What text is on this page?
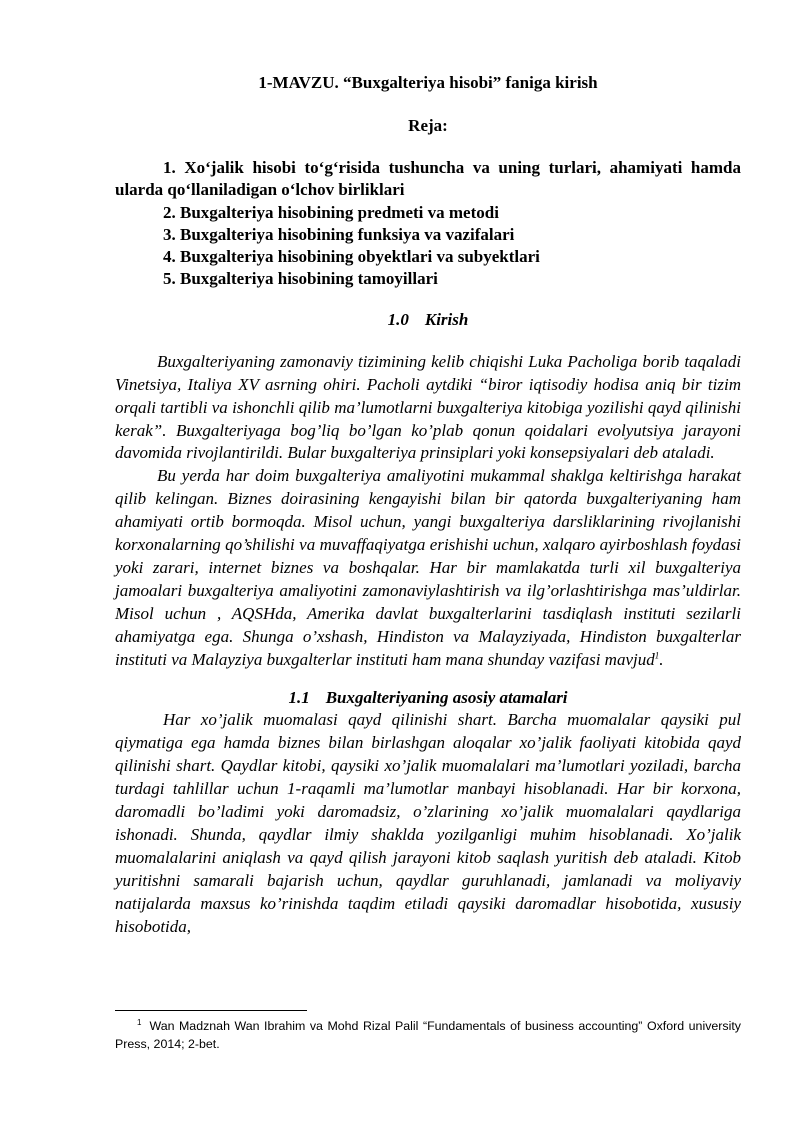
1-MAVZU. “Buxgalteriya hisobi” faniga kirish

Reja:

1. Xo‘jalik hisobi to‘g‘risida tushuncha va uning turlari, ahamiyati hamda ularda qo‘llaniladigan o‘lchov birliklari
2. Buxgalteriya hisobining predmeti va metodi
3. Buxgalteriya hisobining funksiya va vazifalari
4. Buxgalteriya hisobining obyektlari va subyektlari
5. Buxgalteriya hisobining tamoyillari

1.0 Kirish

Buxgalteriyaning zamonaviy tizimining kelib chiqishi Luka Pacholiga borib taqaladi Vinetsiya, Italiya XV asrning ohiri. Pacholi aytdiki “biror iqtisodiy hodisa aniq bir tizim orqali tartibli va ishonchli qilib ma’lumotlarni buxgalteriya kitobiga yozilishi qayd qilinishi kerak”. Buxgalteriyaga bog’liq bo’lgan ko’plab qonun qoidalari evolyutsiya jarayoni davomida rivojlantirildi. Bular buxgalteriya prinsiplari yoki konsepsiyalari deb ataladi.

Bu yerda har doim buxgalteriya amaliyotini mukammal shaklga keltirishga harakat qilib kelingan. Biznes doirasining kengayishi bilan bir qatorda buxgalteriyaning ham ahamiyati ortib bormoqda. Misol uchun, yangi buxgalteriya darsliklarining rivojlanishi korxonalarning qo’shilishi va muvaffaqiyatga erishishi uchun, xalqaro ayirboshlash foydasi yoki zarari, internet biznes va boshqalar. Har bir mamlakatda turli xil buxgalteriya jamoalari buxgalteriya amaliyotini zamonaviylashtirish va ilg’orlashtirishga mas’uldirlar. Misol uchun , AQSHda, Amerika davlat buxgalterlarini tasdiqlash instituti sezilarli ahamiyatga ega. Shunga o’xshash, Hindiston va Malayziyada, Hindiston buxgalterlar instituti va Malayziya buxgalterlar instituti ham mana shunday vazifasi mavjud$^1$.

1.1 Buxgalteriyaning asosiy atamalari

Har xo’jalik muomalasi qayd qilinishi shart. Barcha muomalalar qaysiki pul qiymatiga ega hamda biznes bilan birlashgan aloqalar xo’jalik faoliyati kitobida qayd qilinishi shart. Qaydlar kitobi, qaysiki xo’jalik muomalalari ma’lumotlari yoziladi, barcha turdagi tahlillar uchun 1-raqamli ma’lumotlar manbayi hisoblanadi. Har bir korxona, daromadli bo’ladimi yoki daromadsiz, o’zlarining xo’jalik muomalalari qaydlariga ishonadi. Shunda, qaydlar ilmiy shaklda yozilganligi muhim hisoblanadi. Xo’jalik muomalalarini aniqlash va qayd qilish jarayoni kitob saqlash yuritish deb ataladi. Kitob yuritishni samarali bajarish uchun, qaydlar guruhlanadi, jamlanadi va moliyaviy natijalarda maxsus ko’rinishda taqdim etiladi qaysiki daromadlar hisobotida, xususiy hisobotida,

$^1$ Wan Madznah Wan Ibrahim va Mohd Rizal Palil “Fundamentals of business accounting” Oxford university Press, 2014; 2-bet.
